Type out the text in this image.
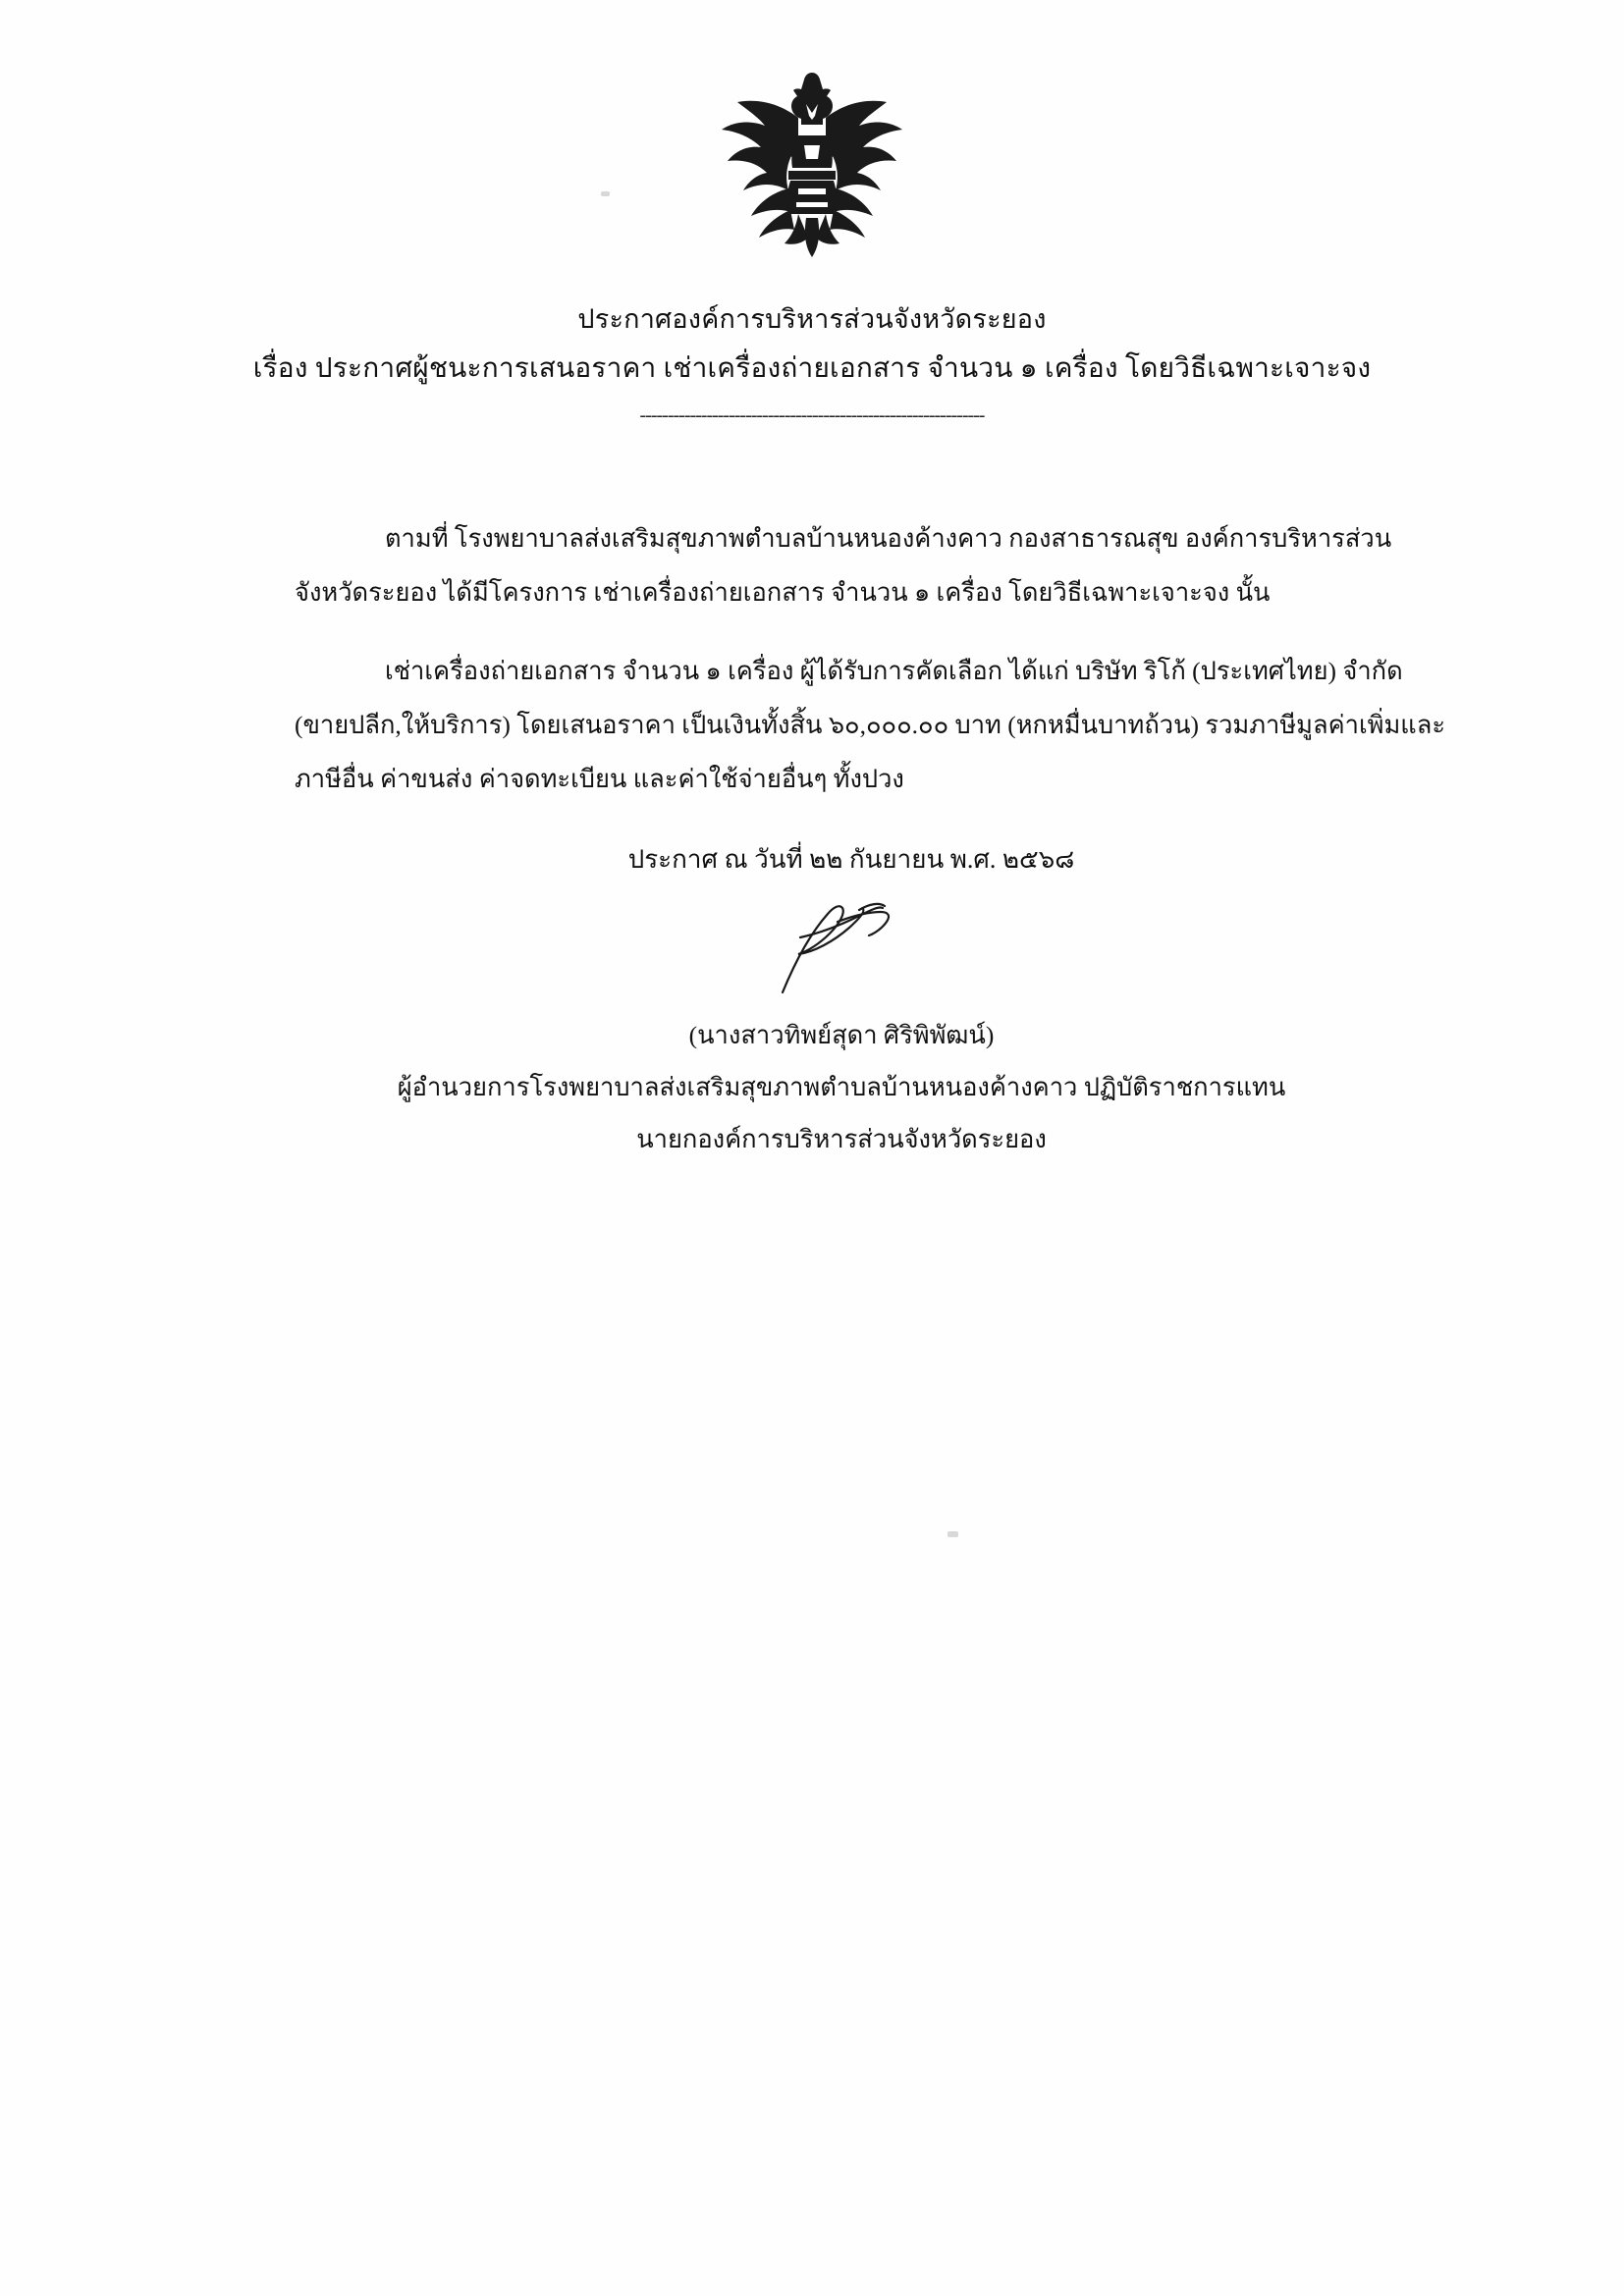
ประกาศองค์การบริหารส่วนจังหวัดระยอง
เรื่อง ประกาศผู้ชนะการเสนอราคา เช่าเครื่องถ่ายเอกสาร จำนวน ๑ เครื่อง โดยวิธีเฉพาะเจาะจง
--------------------------------------------------------------

ตามที่ โรงพยาบาลส่งเสริมสุขภาพตำบลบ้านหนองค้างคาว กองสาธารณสุข องค์การบริหารส่วนจังหวัดระยอง ได้มีโครงการ เช่าเครื่องถ่ายเอกสาร จำนวน ๑ เครื่อง โดยวิธีเฉพาะเจาะจง นั้น

เช่าเครื่องถ่ายเอกสาร จำนวน ๑ เครื่อง ผู้ได้รับการคัดเลือก ได้แก่ บริษัท ริโก้ (ประเทศไทย) จำกัด (ขายปลีก,ให้บริการ) โดยเสนอราคา เป็นเงินทั้งสิ้น ๖๐,๐๐๐.๐๐ บาท (หกหมื่นบาทถ้วน) รวมภาษีมูลค่าเพิ่มและภาษีอื่น ค่าขนส่ง ค่าจดทะเบียน และค่าใช้จ่ายอื่นๆ ทั้งปวง

ประกาศ ณ วันที่ ๒๒ กันยายน พ.ศ. ๒๕๖๘
(นางสาวทิพย์สุดา ศิริพิพัฒน์)
ผู้อำนวยการโรงพยาบาลส่งเสริมสุขภาพตำบลบ้านหนองค้างคาว ปฏิบัติราชการแทน
นายกองค์การบริหารส่วนจังหวัดระยอง
